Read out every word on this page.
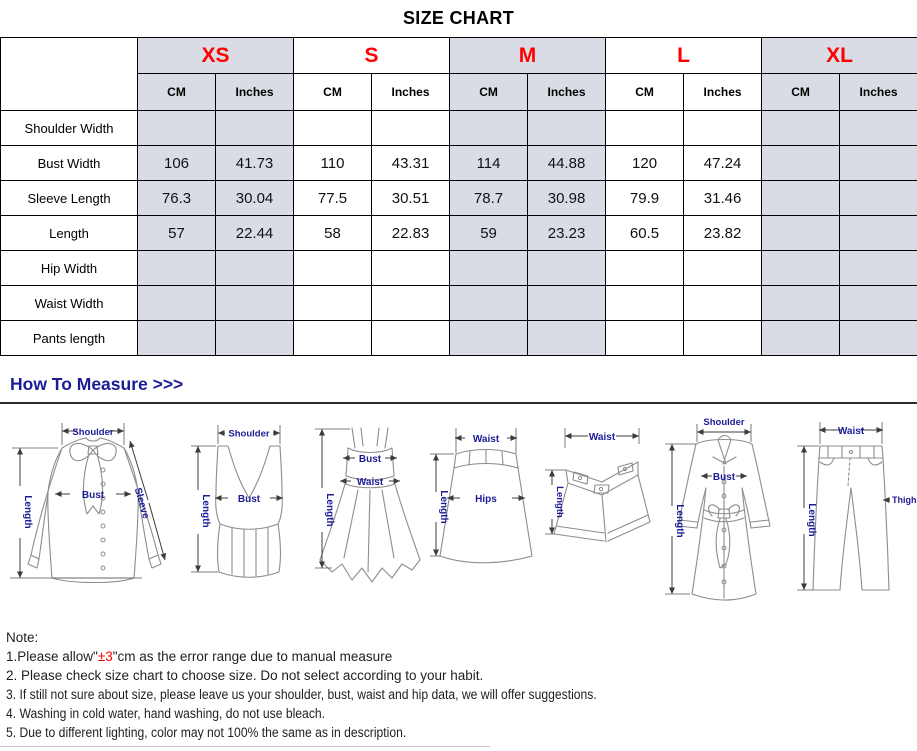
SIZE CHART
	XS		S		M		L		XL	
	CM	Inches	CM	Inches	CM	Inches	CM	Inches	CM	Inches
Shoulder Width										
Bust Width	106	41.73	110	43.31	114	44.88	120	47.24		
Sleeve Length	76.3	30.04	77.5	30.51	78.7	30.98	79.9	31.46		
Length	57	22.44	58	22.83	59	23.23	60.5	23.82		
Hip Width										
Waist Width										
Pants length										
How To Measure >>>
Shoulder
Bust	Sleeve
Length
Shoulder
Bust
Length
Bust
Waist
Length
Waist
Hips
Length
Waist
Length
Shoulder
Bust
Length
Waist
Thigh
Length
Note:
1.Please allow"±3"cm as the error range due to manual measure
2. Please check size chart to choose size. Do not select according to your habit.
3. If still not sure about size, please leave us your shoulder, bust, waist and hip data, we will offer suggestions.
4. Washing in cold water, hand washing, do not use bleach.
5. Due to different lighting, color may not 100% the same as in description.
